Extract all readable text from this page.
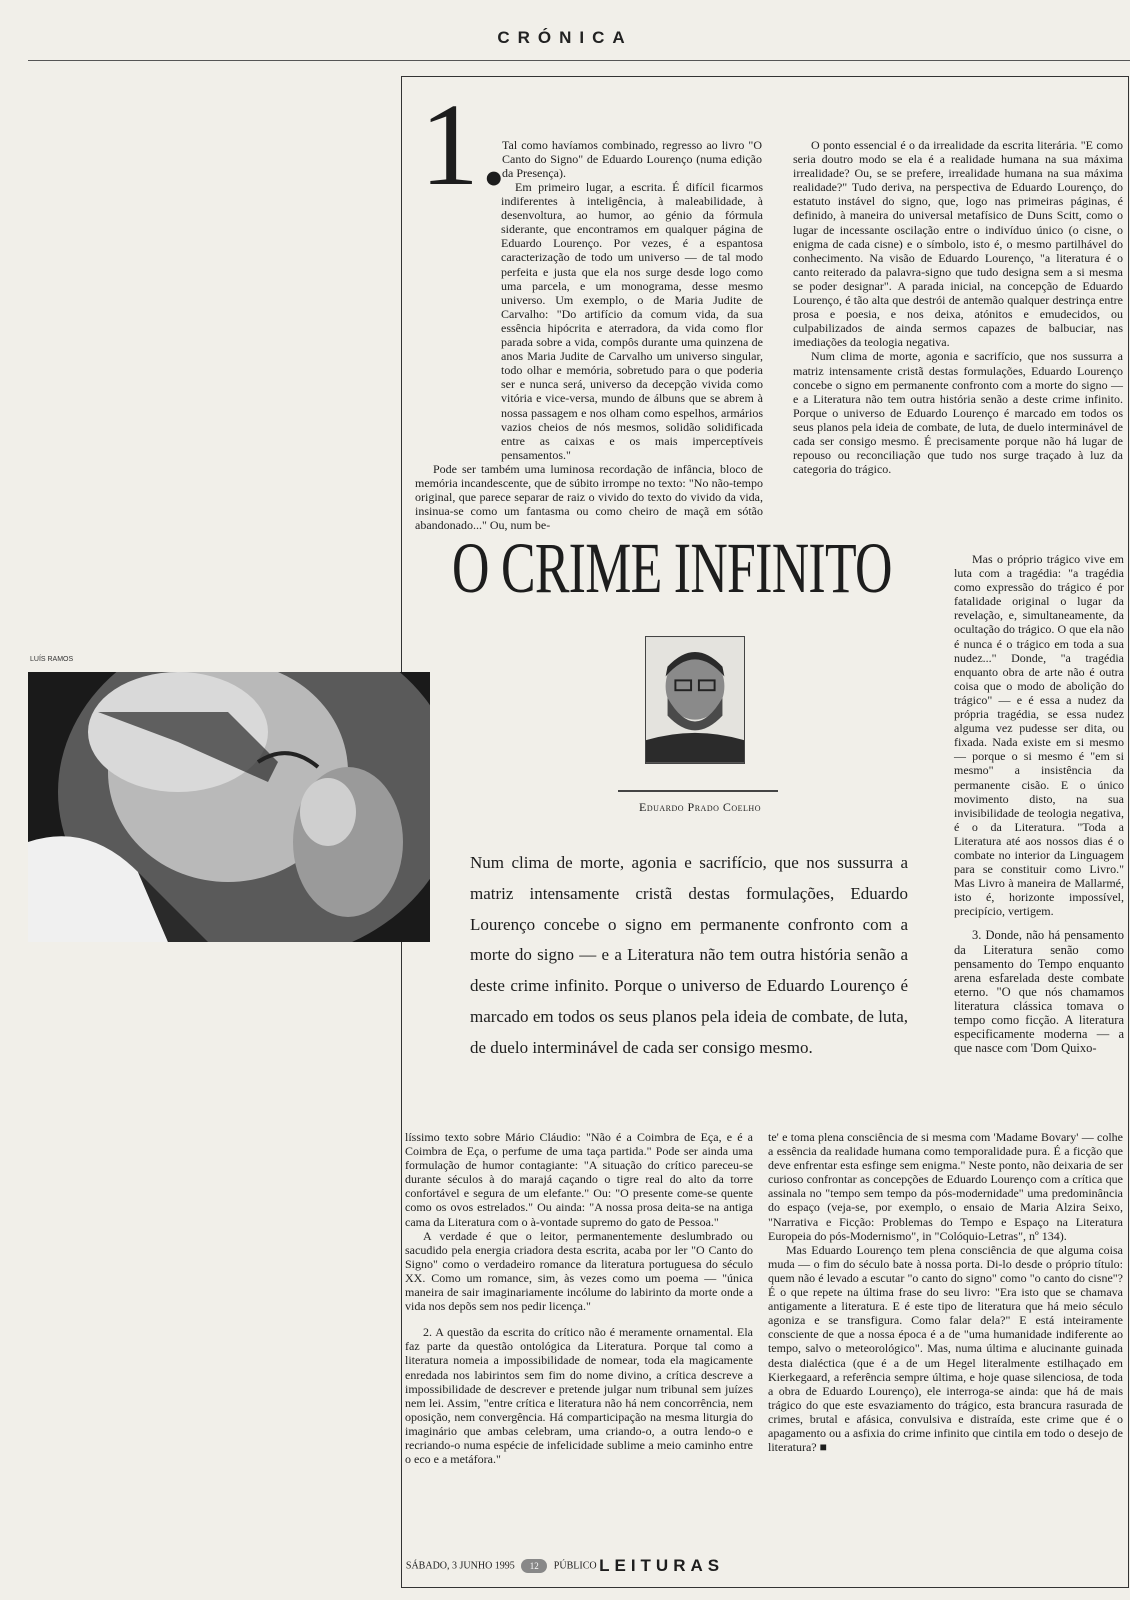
CRÓNICA
LUÍS RAMOS
1.

Tal como havíamos combinado, regresso ao livro "O Canto do Signo" de Eduardo Lourenço (numa edição da Presença).

Em primeiro lugar, a escrita. É difícil ficarmos indiferentes à inteligência, à maleabilidade, à desenvoltura, ao humor, ao génio da fórmula siderante, que encontramos em qualquer página de Eduardo Lourenço. Por vezes, é a espantosa caracterização de todo um universo — de tal modo perfeita e justa que ela nos surge desde logo como uma parcela, e um monograma, desse mesmo universo. Um exemplo, o de Maria Judite de Carvalho: "Do artifício da comum vida, da sua essência hipócrita e aterradora, da vida como flor parada sobre a vida, compôs durante uma quinzena de anos Maria Judite de Carvalho um universo singular, todo olhar e memória, sobretudo para o que poderia ser e nunca será, universo da decepção vivida como vitória e vice-versa, mundo de álbuns que se abrem à nossa passagem e nos olham como espelhos, armários vazios cheios de nós mesmos, solidão solidificada entre as caixas e os mais imperceptíveis pensamentos."

Pode ser também uma luminosa recordação de infância, bloco de memória incandescente, que de súbito irrompe no texto: "No não-tempo original, que parece separar de raiz o vivido do texto do vivido da vida, insinua-se como um fantasma ou como cheiro de maçã em sótão abandonado..." Ou, num be-

O ponto essencial é o da irrealidade da escrita literária. "E como seria doutro modo se ela é a realidade humana na sua máxima irrealidade? Ou, se se prefere, irrealidade humana na sua máxima realidade?" Tudo deriva, na perspectiva de Eduardo Lourenço, do estatuto instável do signo, que, logo nas primeiras páginas, é definido, à maneira do universal metafísico de Duns Scitt, como o lugar de incessante oscilação entre o indivíduo único (o cisne, o enigma de cada cisne) e o símbolo, isto é, o mesmo partilhável do conhecimento. Na visão de Eduardo Lourenço, "a literatura é o canto reiterado da palavra-signo que tudo designa sem a si mesma se poder designar". A parada inicial, na concepção de Eduardo Lourenço, é tão alta que destrói de antemão qualquer destrinça entre prosa e poesia, e nos deixa, atónitos e emudecidos, ou culpabilizados de ainda sermos capazes de balbuciar, nas imediações da teologia negativa.

Num clima de morte, agonia e sacrifício, que nos sussurra a matriz intensamente cristã destas formulações, Eduardo Lourenço concebe o signo em permanente confronto com a morte do signo — e a Literatura não tem outra história senão a deste crime infinito. Porque o universo de Eduardo Lourenço é marcado em todos os seus planos pela ideia de combate, de luta, de duelo interminável de cada ser consigo mesmo. É precisamente porque não há lugar de repouso ou reconciliação que tudo nos surge traçado à luz da categoria do trágico.

O CRIME INFINITO
Eduardo Prado Coelho
Num clima de morte, agonia e sacrifício, que nos sussurra a matriz intensamente cristã destas formulações, Eduardo Lourenço concebe o signo em permanente confronto com a morte do signo — e a Literatura não tem outra história senão a deste crime infinito. Porque o universo de Eduardo Lourenço é marcado em todos os seus planos pela ideia de combate, de luta, de duelo interminável de cada ser consigo mesmo.

Mas o próprio trágico vive em luta com a tragédia: "a tragédia como expressão do trágico é por fatalidade original o lugar da revelação, e, simultaneamente, da ocultação do trágico. O que ela não é nunca é o trágico em toda a sua nudez..." Donde, "a tragédia enquanto obra de arte não é outra coisa que o modo de abolição do trágico" — e é essa a nudez da própria tragédia, se essa nudez alguma vez pudesse ser dita, ou fixada. Nada existe em si mesmo — porque o si mesmo é "em si mesmo" a insistência da permanente cisão. E o único movimento disto, na sua invisibilidade de teologia negativa, é o da Literatura. "Toda a Literatura até aos nossos dias é o combate no interior da Linguagem para se constituir como Livro." Mas Livro à maneira de Mallarmé, isto é, horizonte impossível, precipício, vertigem.

3. Donde, não há pensamento da Literatura senão como pensamento do Tempo enquanto arena esfarelada deste combate eterno. "O que nós chamamos literatura clássica tomava o tempo como ficção. A literatura especificamente moderna — a que nasce com 'Dom Quixo-

líssimo texto sobre Mário Cláudio: "Não é a Coimbra de Eça, e é a Coimbra de Eça, o perfume de uma taça partida." Pode ser ainda uma formulação de humor contagiante: "A situação do crítico pareceu-se durante séculos à do marajá caçando o tigre real do alto da torre confortável e segura de um elefante." Ou: "O presente come-se quente como os ovos estrelados." Ou ainda: "A nossa prosa deita-se na antiga cama da Literatura com o à-vontade supremo do gato de Pessoa."

A verdade é que o leitor, permanentemente deslumbrado ou sacudido pela energia criadora desta escrita, acaba por ler "O Canto do Signo" como o verdadeiro romance da literatura portuguesa do século XX. Como um romance, sim, às vezes como um poema — "única maneira de sair imaginariamente incólume do labirinto da morte onde a vida nos depõs sem nos pedir licença."

2. A questão da escrita do crítico não é meramente ornamental. Ela faz parte da questão ontológica da Literatura. Porque tal como a literatura nomeia a impossibilidade de nomear, toda ela magicamente enredada nos labirintos sem fim do nome divino, a crítica descreve a impossibilidade de descrever e pretende julgar num tribunal sem juízes nem lei. Assim, "entre crítica e literatura não há nem concorrência, nem oposição, nem convergência. Há comparticipação na mesma liturgia do imaginário que ambas celebram, uma criando-o, a outra lendo-o e recriando-o numa espécie de infelicidade sublime a meio caminho entre o eco e a metáfora."

te' e toma plena consciência de si mesma com 'Madame Bovary' — colhe a essência da realidade humana como temporalidade pura. É a ficção que deve enfrentar esta esfinge sem enigma." Neste ponto, não deixaria de ser curioso confrontar as concepções de Eduardo Lourenço com a crítica que assinala no "tempo sem tempo da pós-modernidade" uma predominância do espaço (veja-se, por exemplo, o ensaio de Maria Alzira Seixo, "Narrativa e Ficção: Problemas do Tempo e Espaço na Literatura Europeia do pós-Modernismo", in "Colóquio-Letras", nº 134).

Mas Eduardo Lourenço tem plena consciência de que alguma coisa muda — o fim do século bate à nossa porta. Di-lo desde o próprio título: quem não é levado a escutar "o canto do signo" como "o canto do cisne"? É o que repete na última frase do seu livro: "Era isto que se chamava antigamente a literatura. E é este tipo de literatura que há meio século agoniza e se transfigura. Como falar dela?" E está inteiramente consciente de que a nossa época é a de "uma humanidade indiferente ao tempo, salvo o meteorológico". Mas, numa última e alucinante guinada desta dialéctica (que é a de um Hegel literalmente estilhaçado em Kierkegaard, a referência sempre última, e hoje quase silenciosa, de toda a obra de Eduardo Lourenço), ele interroga-se ainda: que há de mais trágico do que este esvaziamento do trágico, esta brancura rasurada de crimes, brutal e afásica, convulsiva e distraída, este crime que é o apagamento ou a asfixia do crime infinito que cintila em todo o desejo de literatura? ■

SÁBADO, 3 JUNHO 1995 12 PÚBLICO LEITURAS
